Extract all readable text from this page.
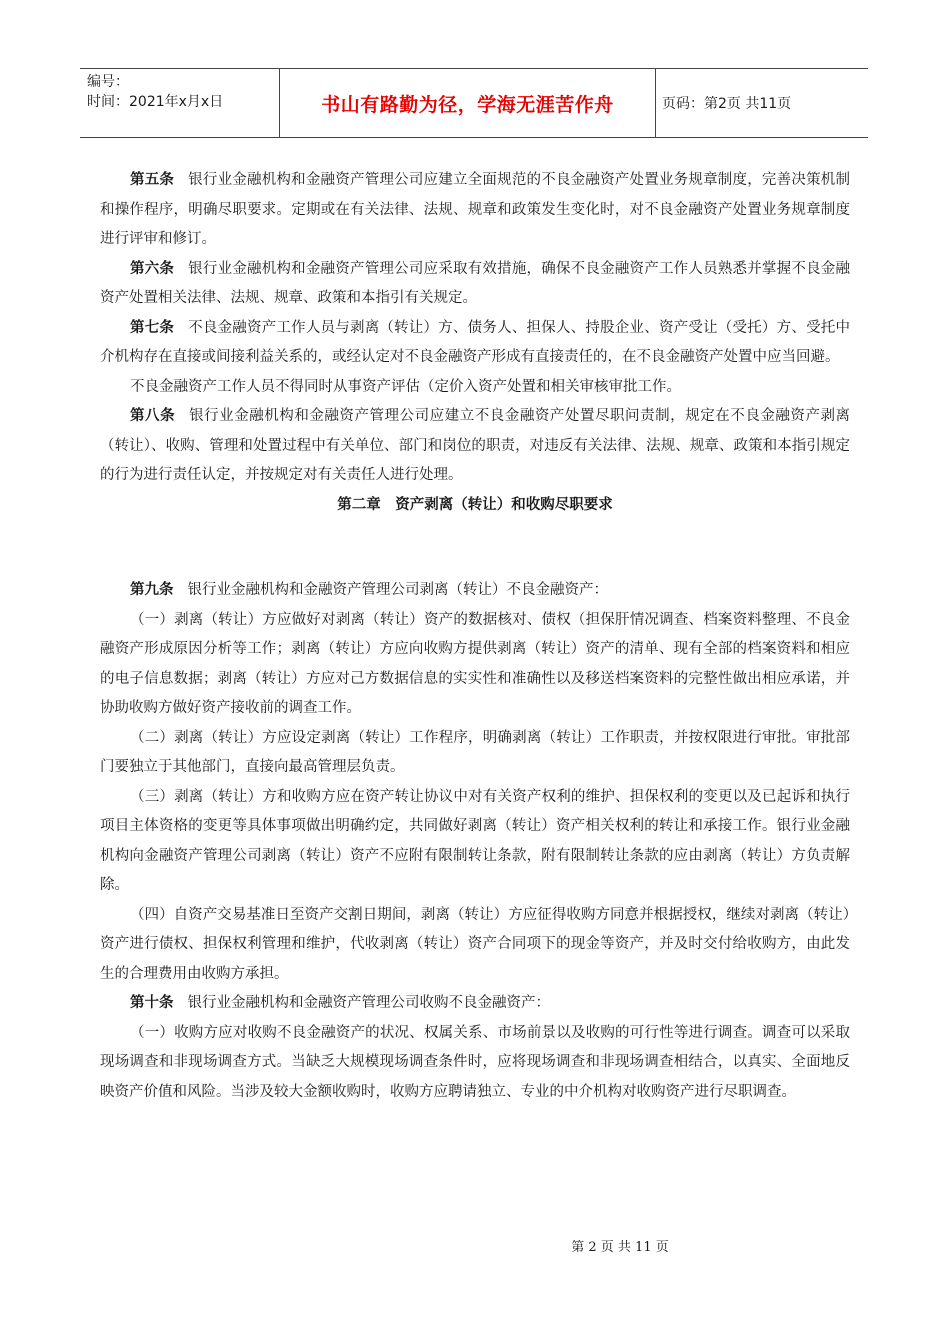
编号：
时间：2021年x月x日	书山有路勤为径，学海无涯苦作舟	页码：第2页 共11页

第五条 银行业金融机构和金融资产管理公司应建立全面规范的不良金融资产处置业务规章制度，完善决策机制和操作程序，明确尽职要求。定期或在有关法律、法规、规章和政策发生变化时，对不良金融资产处置业务规章制度进行评审和修订。

第六条 银行业金融机构和金融资产管理公司应采取有效措施，确保不良金融资产工作人员熟悉并掌握不良金融资产处置相关法律、法规、规章、政策和本指引有关规定。

第七条 不良金融资产工作人员与剥离（转让）方、债务人、担保人、持股企业、资产受让（受托）方、受托中介机构存在直接或间接利益关系的，或经认定对不良金融资产形成有直接责任的，在不良金融资产处置中应当回避。

不良金融资产工作人员不得同时从事资产评估（定价入资产处置和相关审核审批工作。

第八条 银行业金融机构和金融资产管理公司应建立不良金融资产处置尽职问责制，规定在不良金融资产剥离（转让）、收购、管理和处置过程中有关单位、部门和岗位的职责，对违反有关法律、法规、规章、政策和本指引规定的行为进行责任认定，并按规定对有关责任人进行处理。

第二章　资产剥离（转让）和收购尽职要求

第九条 银行业金融机构和金融资产管理公司剥离（转让）不良金融资产：

（一）剥离（转让）方应做好对剥离（转让）资产的数据核对、债权（担保肝情况调查、档案资料整理、不良金融资产形成原因分析等工作；剥离（转让）方应向收购方提供剥离（转让）资产的清单、现有全部的档案资料和相应的电子信息数据；剥离（转让）方应对己方数据信息的实实性和准确性以及移送档案资料的完整性做出相应承诺，并协助收购方做好资产接收前的调查工作。

（二）剥离（转让）方应设定剥离（转让）工作程序，明确剥离（转让）工作职责，并按权限进行审批。审批部门要独立于其他部门，直接向最高管理层负责。

（三）剥离（转让）方和收购方应在资产转让协议中对有关资产权利的维护、担保权利的变更以及已起诉和执行项目主体资格的变更等具体事项做出明确约定，共同做好剥离（转让）资产相关权利的转让和承接工作。银行业金融机构向金融资产管理公司剥离（转让）资产不应附有限制转让条款，附有限制转让条款的应由剥离（转让）方负责解除。

（四）自资产交易基准日至资产交割日期间，剥离（转让）方应征得收购方同意并根据授权，继续对剥离（转让）资产进行债权、担保权利管理和维护，代收剥离（转让）资产合同项下的现金等资产，并及时交付给收购方，由此发生的合理费用由收购方承担。

第十条 银行业金融机构和金融资产管理公司收购不良金融资产：

（一）收购方应对收购不良金融资产的状况、权属关系、市场前景以及收购的可行性等进行调查。调查可以采取现场调查和非现场调查方式。当缺乏大规模现场调查条件时，应将现场调查和非现场调查相结合，以真实、全面地反映资产价值和风险。当涉及较大金额收购时，收购方应聘请独立、专业的中介机构对收购资产进行尽职调查。

第 2 页 共 11 页
